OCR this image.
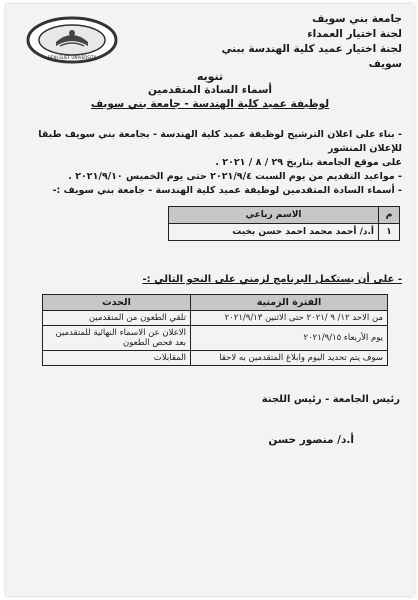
جامعة بني سويف
لجنة اختيار العمداء
لجنة اختيار عميد كلية الهندسة ببني سويف
BENI-SUEF UNIVERSITY
تنويه
أسماء السادة المتقدمين
لوظيفة عميد كلية الهندسة - جامعة بني سويف

- بناء على اعلان الترشيح لوظيفة عميد كلية الهندسة - بجامعة بني سويف طبقا للإعلان المنشور

على موقع الجامعة بتاريخ ٢٩ / ٨ / ٢٠٢١ .

- مواعيد التقديم من يوم السبت ٢٠٢١/٩/٤ حتى يوم الخميس ٢٠٢١/٩/١٠ .

- أسماء السادة المتقدمين لوظيفة عميد كلية الهندسة - جامعة بني سويف :-

م	الاسم رباعي
١	أ.د/ أحمد محمد احمد حسن بخيت
- على أن يستكمل البرنامج لزمني على النحو التالي :-
الفترة الزمنية	الحدث
من الاحد ١٢/ ٩ /٢٠٢١ حتى الاثنين ٢٠٢١/٩/١٣	تلقي الطعون من المتقدمين
يوم الأربعاء ٢٠٢١/٩/١٥	الاعلان عن الاسماء النهائية للمتقدمين بعد فحص الطعون
سوف يتم تحديد اليوم وابلاغ المتقدمين به لاحقا	المقابلات
رئيس الجامعة - رئيس اللجنة
أ.د/ منصور حسن
